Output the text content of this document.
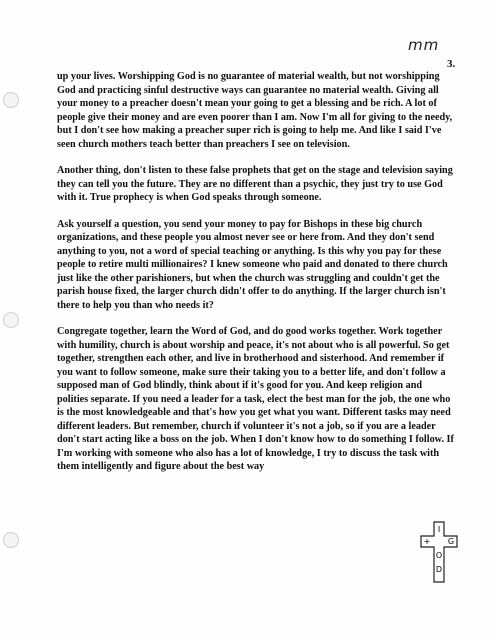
mm
3.

up your lives. Worshipping God is no guarantee of material wealth, but not worshipping God and practicing sinful destructive ways can guarantee no material wealth. Giving all your money to a preacher doesn't mean your going to get a blessing and be rich. A lot of people give their money and are even poorer than I am. Now I'm all for giving to the needy, but I don't see how making a preacher super rich is going to help me. And like I said I've seen church mothers teach better than preachers I see on television.

Another thing, don't listen to these false prophets that get on the stage and television saying they can tell you the future. They are no different than a psychic, they just try to use God with it. True prophecy is when God speaks through someone.

Ask yourself a question, you send your money to pay for Bishops in these big church organizations, and these people you almost never see or here from. And they don't send anything to you, not a word of special teaching or anything. Is this why you pay for these people to retire multi millionaires? I knew someone who paid and donated to there church just like the other parishioners, but when the church was struggling and couldn't get the parish house fixed, the larger church didn't offer to do anything. If the larger church isn't there to help you than who needs it?

Congregate together, learn the Word of God, and do good works together. Work together with humility, church is about worship and peace, it's not about who is all powerful. So get together, strengthen each other, and live in brotherhood and sisterhood. And remember if you want to follow someone, make sure their taking you to a better life, and don't follow a supposed man of God blindly, think about if it's good for you. And keep religion and polities separate. If you need a leader for a task, elect the best man for the job, the one who is the most knowledgeable and that's how you get what you want. Different tasks may need different leaders. But remember, church if volunteer it's not a job, so if you are a leader don't start acting like a boss on the job. When I don't know how to do something I follow. If I'm working with someone who also has a lot of knowledge, I try to discuss the task with them intelligently and figure about the best way

I
+ G
O
D
